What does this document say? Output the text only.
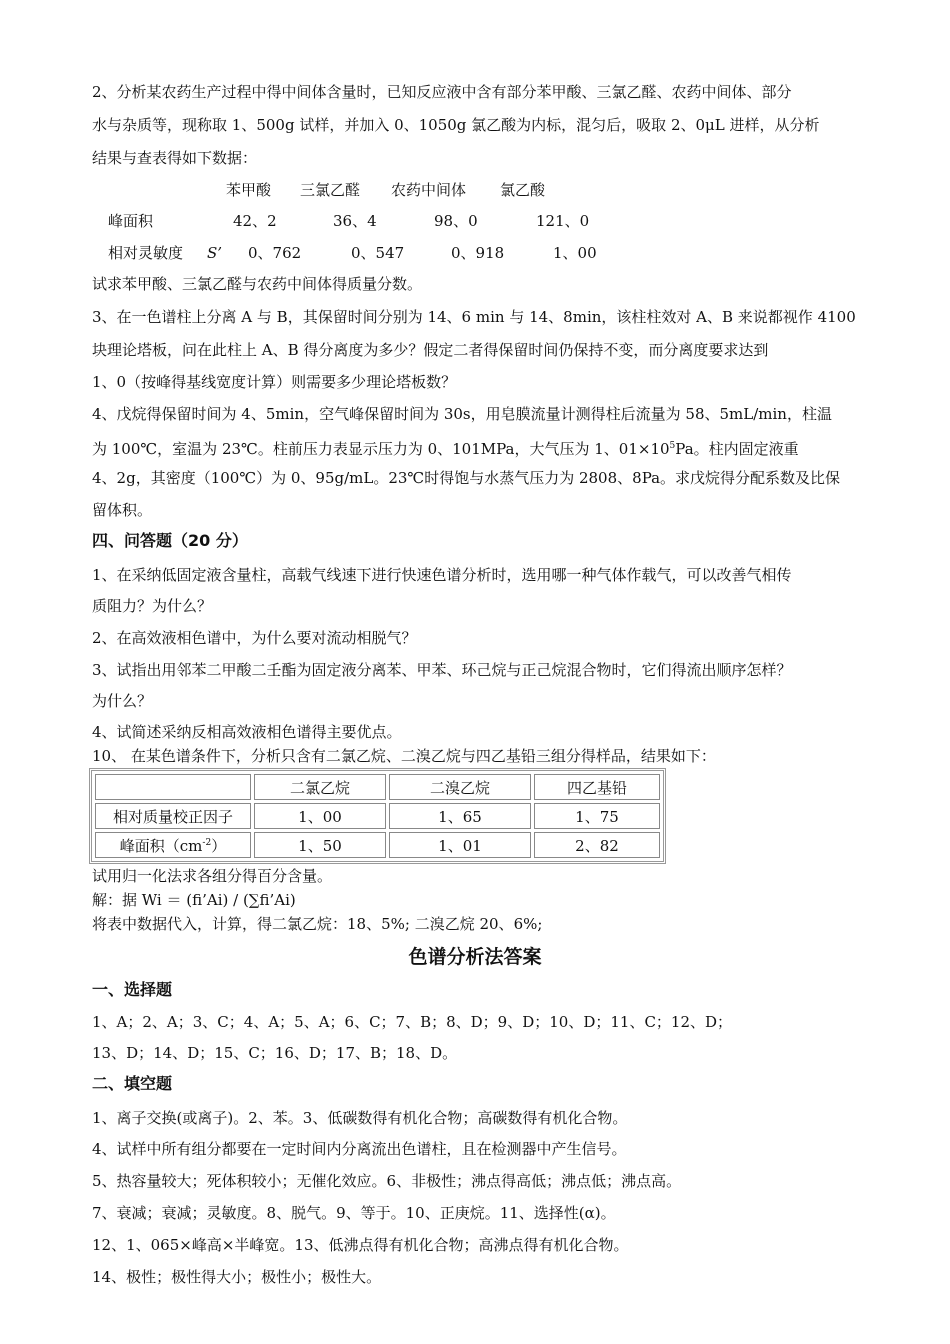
2、分析某农药生产过程中得中间体含量时，已知反应液中含有部分苯甲酸、三氯乙醛、农药中间体、部分
水与杂质等，现称取 1、500g 试样，并加入 0、1050g 氯乙酸为内标，混匀后，吸取 2、0μL 进样，从分析
结果与查表得如下数据：
苯甲酸 三氯乙醛 农药中间体 氯乙酸
峰面积	42、2	36、4	98、0	121、0
相对灵敏度 S’ 0、762	0、547	0、918	1、00
试求苯甲酸、三氯乙醛与农药中间体得质量分数。
3、在一色谱柱上分离 A 与 B，其保留时间分别为 14、6 min 与 14、8min，该柱柱效对 A、B 来说都视作 4100
块理论塔板，问在此柱上 A、B 得分离度为多少？假定二者得保留时间仍保持不变，而分离度要求达到
1、0（按峰得基线宽度计算）则需要多少理论塔板数？
4、戊烷得保留时间为 4、5min，空气峰保留时间为 30s，用皂膜流量计测得柱后流量为 58、5mL/min，柱温
为 100℃，室温为 23℃。柱前压力表显示压力为 0、101MPa，大气压为 1、$01\times 10^5Pa$。柱内固定液重
4、2g，其密度（100℃）为 0、95g/mL。23℃时得饱与水蒸气压力为 2808、8Pa。求戊烷得分配系数及比保
留体积。
四、问答题（20 分）
1、在采纳低固定液含量柱，高载气线速下进行快速色谱分析时，选用哪一种气体作载气，可以改善气相传
质阻力？为什么？
2、在高效液相色谱中，为什么要对流动相脱气？
3、试指出用邻苯二甲酸二壬酯为固定液分离苯、甲苯、环己烷与正己烷混合物时，它们得流出顺序怎样？
为什么？
4、试简述采纳反相高效液相色谱得主要优点。
10、 在某色谱条件下，分析只含有二氯乙烷、二溴乙烷与四乙基铅三组分得样品，结果如下：
	二氯乙烷	二溴乙烷	四乙基铅
相对质量校正因子	1、00	1、65	1、75
峰面积$(cm^{-2})$	1、50	1、01	2、82
试用归一化法求各组分得百分含量。
解：据 Wi ＝ (fi’Ai) / (∑fi’Ai)
将表中数据代入，计算，得二氯乙烷：18、5%; 二溴乙烷 20、6%;
色谱分析法答案
一、选择题
1、A；2、A；3、C；4、A；5、A；6、C；7、B；8、D；9、D；10、D；11、C；12、D；
13、D；14、D；15、C；16、D；17、B；18、D。
二、填空题
1、离子交换(或离子)。2、苯。3、低碳数得有机化合物；高碳数得有机化合物。
4、试样中所有组分都要在一定时间内分离流出色谱柱，且在检测器中产生信号。
5、热容量较大；死体积较小；无催化效应。6、非极性；沸点得高低；沸点低；沸点高。
7、衰减；衰减；灵敏度。8、脱气。9、等于。10、正庚烷。11、选择性(α)。
12、1、065×峰高×半峰宽。13、低沸点得有机化合物；高沸点得有机化合物。
14、极性；极性得大小；极性小；极性大。
